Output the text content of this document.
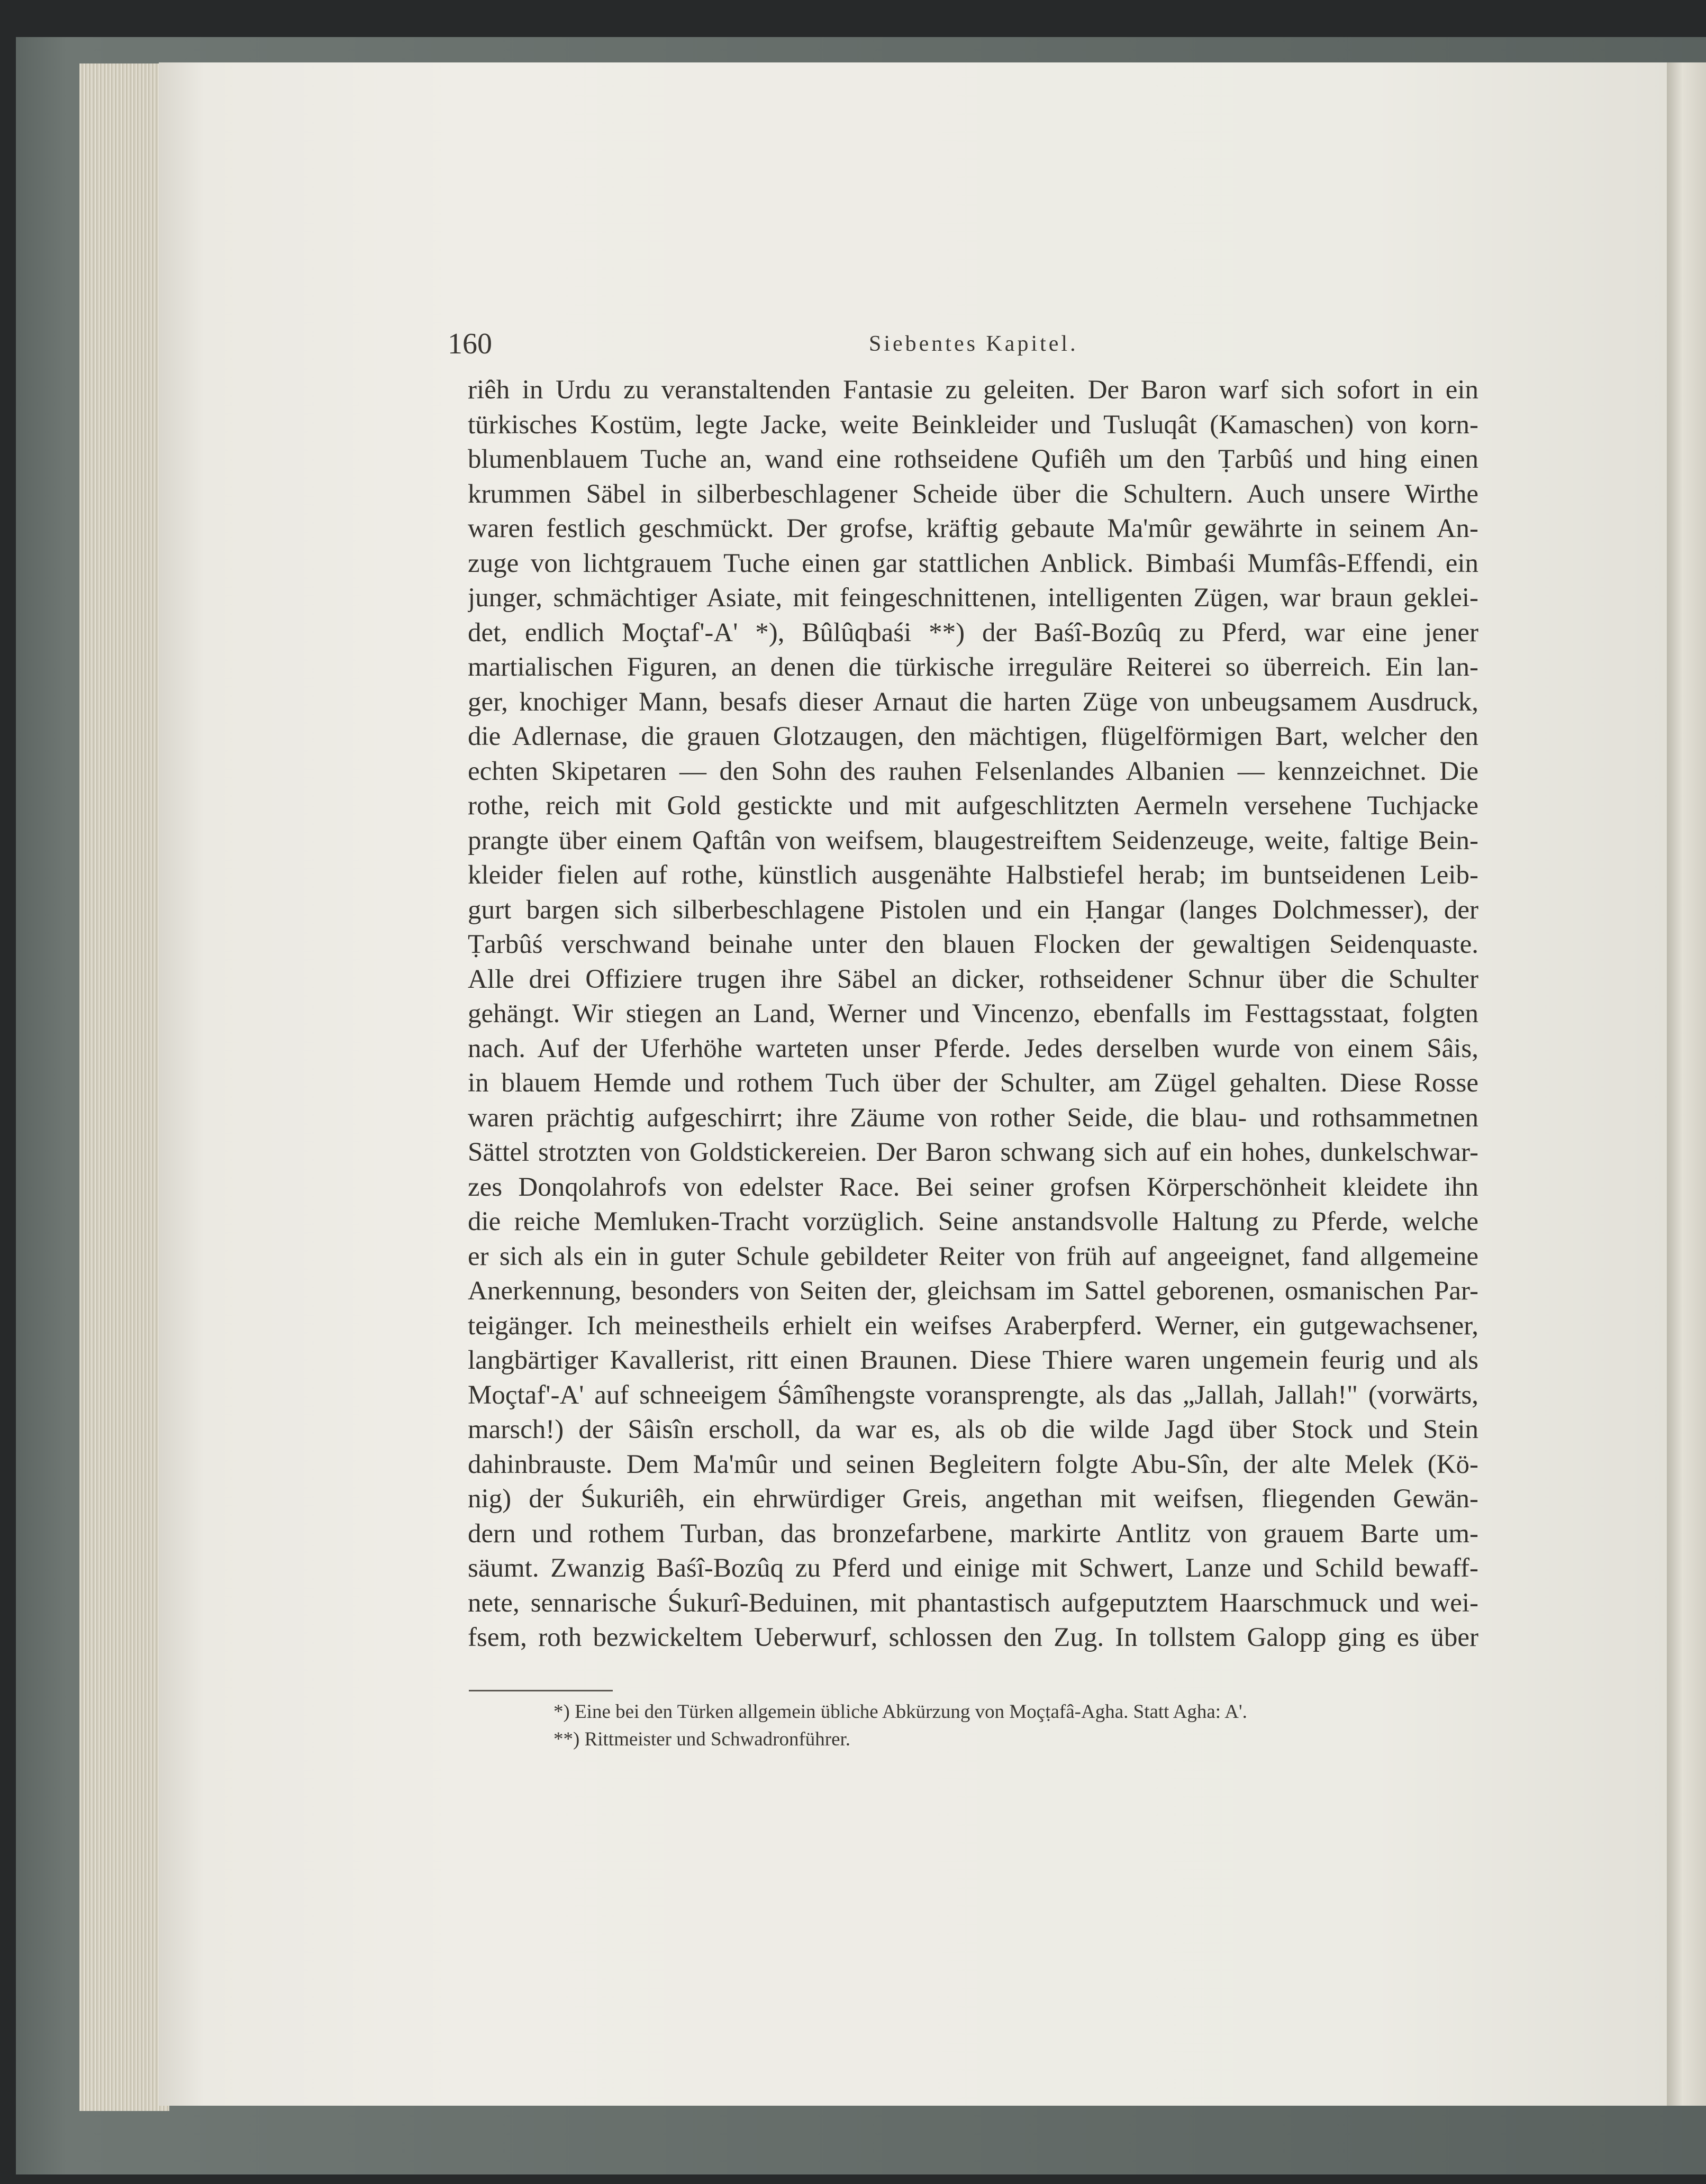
160	Siebentes Kapitel.
riêh in Urdu zu veranstaltenden Fantasie zu geleiten. Der Baron warf sich sofort in ein
türkisches Kostüm, legte Jacke, weite Beinkleider und Tusluqât (Kamaschen) von korn-
blumenblauem Tuche an, wand eine rothseidene Qufiêh um den Ṭarbûś und hing einen
krummen Säbel in silberbeschlagener Scheide über die Schultern. Auch unsere Wirthe
waren festlich geschmückt. Der grofse, kräftig gebaute Ma'mûr gewährte in seinem An-
zuge von lichtgrauem Tuche einen gar stattlichen Anblick. Bimbaśi Mumfâs-Effendi, ein
junger, schmächtiger Asiate, mit feingeschnittenen, intelligenten Zügen, war braun geklei-
det, endlich Moçtaf'-A' *), Bûlûqbaśi **) der Baśî-Bozûq zu Pferd, war eine jener
martialischen Figuren, an denen die türkische irreguläre Reiterei so überreich. Ein lan-
ger, knochiger Mann, besafs dieser Arnaut die harten Züge von unbeugsamem Ausdruck,
die Adlernase, die grauen Glotzaugen, den mächtigen, flügelförmigen Bart, welcher den
echten Skipetaren — den Sohn des rauhen Felsenlandes Albanien — kennzeichnet. Die
rothe, reich mit Gold gestickte und mit aufgeschlitzten Aermeln versehene Tuchjacke
prangte über einem Qaftân von weifsem, blaugestreiftem Seidenzeuge, weite, faltige Bein-
kleider fielen auf rothe, künstlich ausgenähte Halbstiefel herab; im buntseidenen Leib-
gurt bargen sich silberbeschlagene Pistolen und ein Ḥangar (langes Dolchmesser), der
Ṭarbûś verschwand beinahe unter den blauen Flocken der gewaltigen Seidenquaste.
Alle drei Offiziere trugen ihre Säbel an dicker, rothseidener Schnur über die Schulter
gehängt. Wir stiegen an Land, Werner und Vincenzo, ebenfalls im Festtagsstaat, folgten
nach. Auf der Uferhöhe warteten unser Pferde. Jedes derselben wurde von einem Sâis,
in blauem Hemde und rothem Tuch über der Schulter, am Zügel gehalten. Diese Rosse
waren prächtig aufgeschirrt; ihre Zäume von rother Seide, die blau- und rothsammetnen
Sättel strotzten von Goldstickereien. Der Baron schwang sich auf ein hohes, dunkelschwar-
zes Donqolahrofs von edelster Race. Bei seiner grofsen Körperschönheit kleidete ihn
die reiche Memluken-Tracht vorzüglich. Seine anstandsvolle Haltung zu Pferde, welche
er sich als ein in guter Schule gebildeter Reiter von früh auf angeeignet, fand allgemeine
Anerkennung, besonders von Seiten der, gleichsam im Sattel geborenen, osmanischen Par-
teigänger. Ich meinestheils erhielt ein weifses Araberpferd. Werner, ein gutgewachsener,
langbärtiger Kavallerist, ritt einen Braunen. Diese Thiere waren ungemein feurig und als
Moçtaf'-A' auf schneeigem Śâmîhengste voransprengte, als das „Jallah, Jallah!" (vorwärts,
marsch!) der Sâisîn erscholl, da war es, als ob die wilde Jagd über Stock und Stein
dahinbrauste. Dem Ma'mûr und seinen Begleitern folgte Abu-Sîn, der alte Melek (Kö-
nig) der Śukuriêh, ein ehrwürdiger Greis, angethan mit weifsen, fliegenden Gewän-
dern und rothem Turban, das bronzefarbene, markirte Antlitz von grauem Barte um-
säumt. Zwanzig Baśî-Bozûq zu Pferd und einige mit Schwert, Lanze und Schild bewaff-
nete, sennarische Śukurî-Beduinen, mit phantastisch aufgeputztem Haarschmuck und wei-
fsem, roth bezwickeltem Ueberwurf, schlossen den Zug. In tollstem Galopp ging es über
*) Eine bei den Türken allgemein übliche Abkürzung von Moçṭafâ-Agha. Statt Agha: A'.
**) Rittmeister und Schwadronführer.
